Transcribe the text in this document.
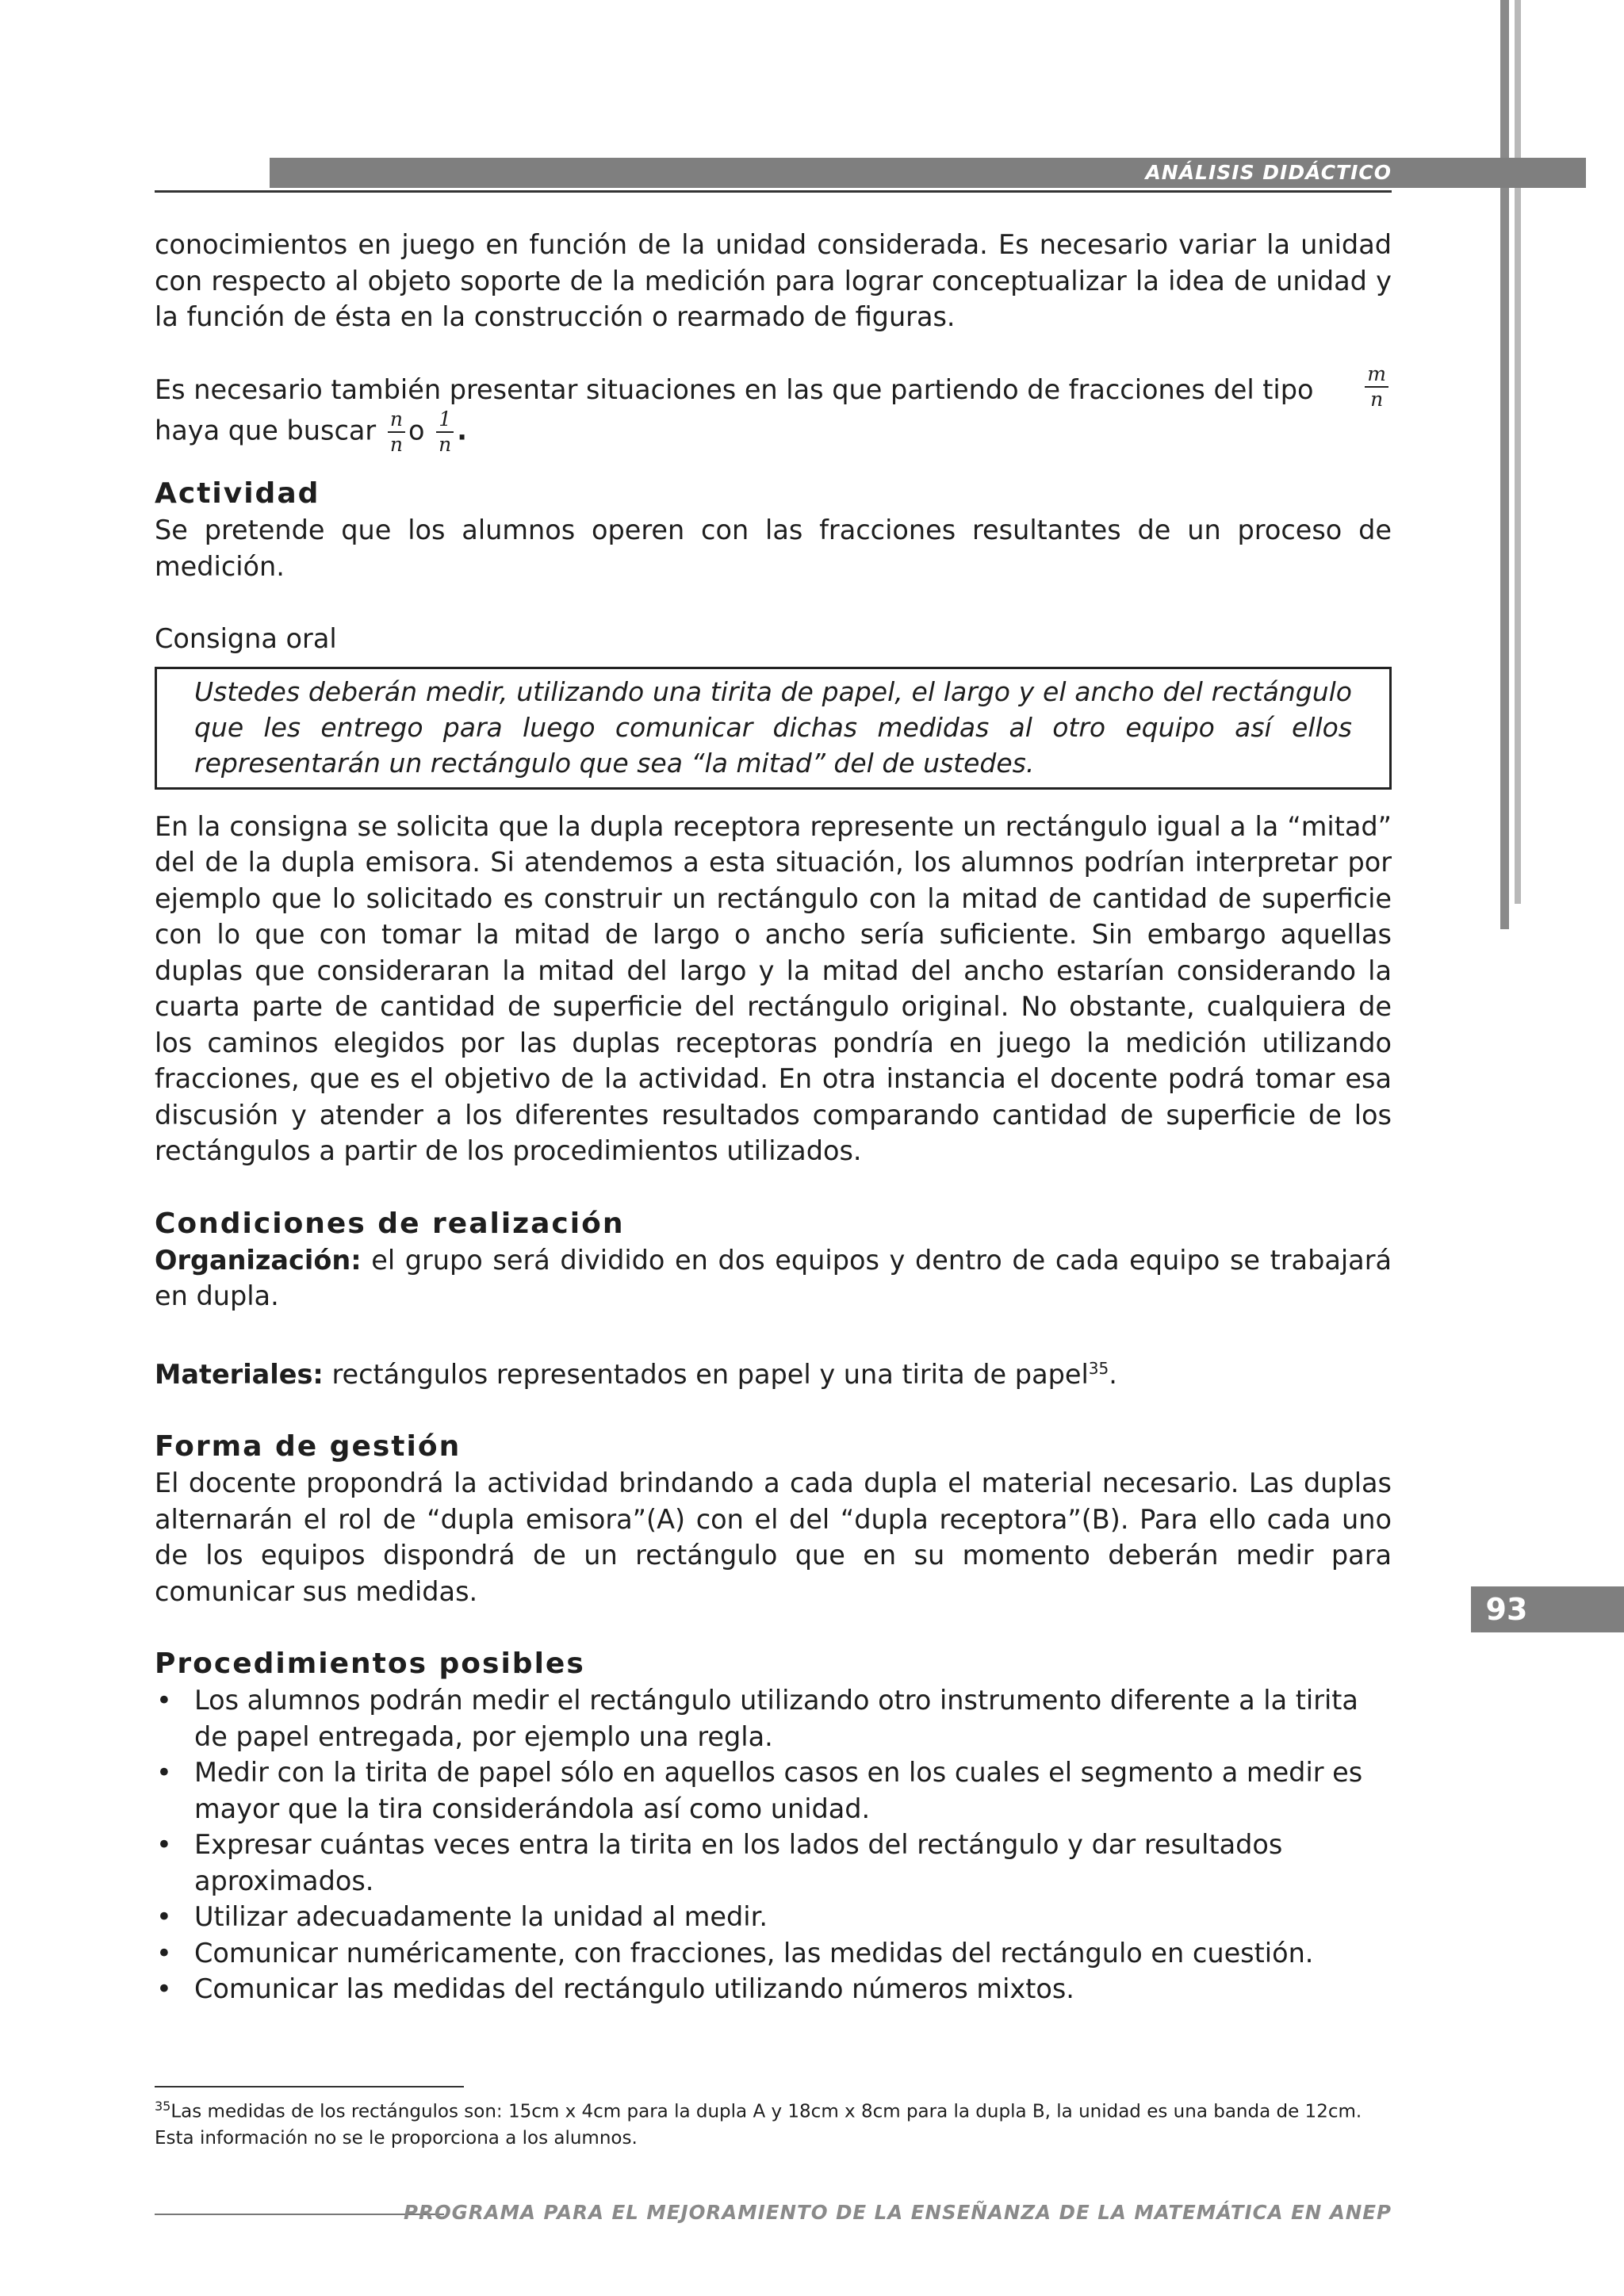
ANÁLISIS DIDÁCTICO

conocimientos en juego en función de la unidad considerada. Es necesario variar la unidad con respecto al objeto soporte de la medición para lograr conceptualizar la idea de unidad y la función de ésta en la construcción o rearmado de figuras.

Es necesario también presentar situaciones en las que partiendo de fracciones del tipo	$\frac{m}{n}$

haya que buscar $\frac{n}{n}$ o $\frac{1}{n}$ .

Actividad

Se pretende que los alumnos operen con las fracciones resultantes de un proceso de medición.

Consigna oral

Ustedes deberán medir, utilizando una tirita de papel, el largo y el ancho del rectángulo que les entrego para luego comunicar dichas medidas al otro equipo así ellos representarán un rectángulo que sea “la mitad” del de ustedes.

En la consigna se solicita que la dupla receptora represente un rectángulo igual a la “mitad” del de la dupla emisora. Si atendemos a esta situación, los alumnos podrían interpretar por ejemplo que lo solicitado es construir un rectángulo con la mitad de cantidad de superficie con lo que con tomar la mitad de largo o ancho sería suficiente. Sin embargo aquellas duplas que consideraran la mitad del largo y la mitad del ancho estarían considerando la cuarta parte de cantidad de superficie del rectángulo original. No obstante, cualquiera de los caminos elegidos por las duplas receptoras pondría en juego la medición utilizando fracciones, que es el objetivo de la actividad. En otra instancia el docente podrá tomar esa discusión y atender a los diferentes resultados comparando cantidad de superficie de los rectángulos a partir de los procedimientos utilizados.

Condiciones de realización

Organización: el grupo será dividido en dos equipos y dentro de cada equipo se trabajará en dupla.

Materiales: rectángulos representados en papel y una tirita de papel$^{35}$.

Forma de gestión

El docente propondrá la actividad brindando a cada dupla el material necesario. Las duplas alternarán el rol de “dupla emisora”(A) con el del “dupla receptora”(B). Para ello cada uno de los equipos dispondrá de un rectángulo que en su momento deberán medir para comunicar sus medidas.

Procedimientos posibles
• Los alumnos podrán medir el rectángulo utilizando otro instrumento diferente a la tirita de papel entregada, por ejemplo una regla.
• Medir con la tirita de papel sólo en aquellos casos en los cuales el segmento a medir es mayor que la tira considerándola así como unidad.
• Expresar cuántas veces entra la tirita en los lados del rectángulo y dar resultados aproximados.
• Utilizar adecuadamente la unidad al medir.
• Comunicar numéricamente, con fracciones, las medidas del rectángulo en cuestión.
• Comunicar las medidas del rectángulo utilizando números mixtos.
$^{35}$Las medidas de los rectángulos son: 15cm x 4cm para la dupla A y 18cm x 8cm para la dupla B, la unidad es una banda de 12cm.
Esta información no se le proporciona a los alumnos.
PROGRAMA PARA EL MEJORAMIENTO DE LA ENSEÑANZA DE LA MATEMÁTICA EN ANEP
93
